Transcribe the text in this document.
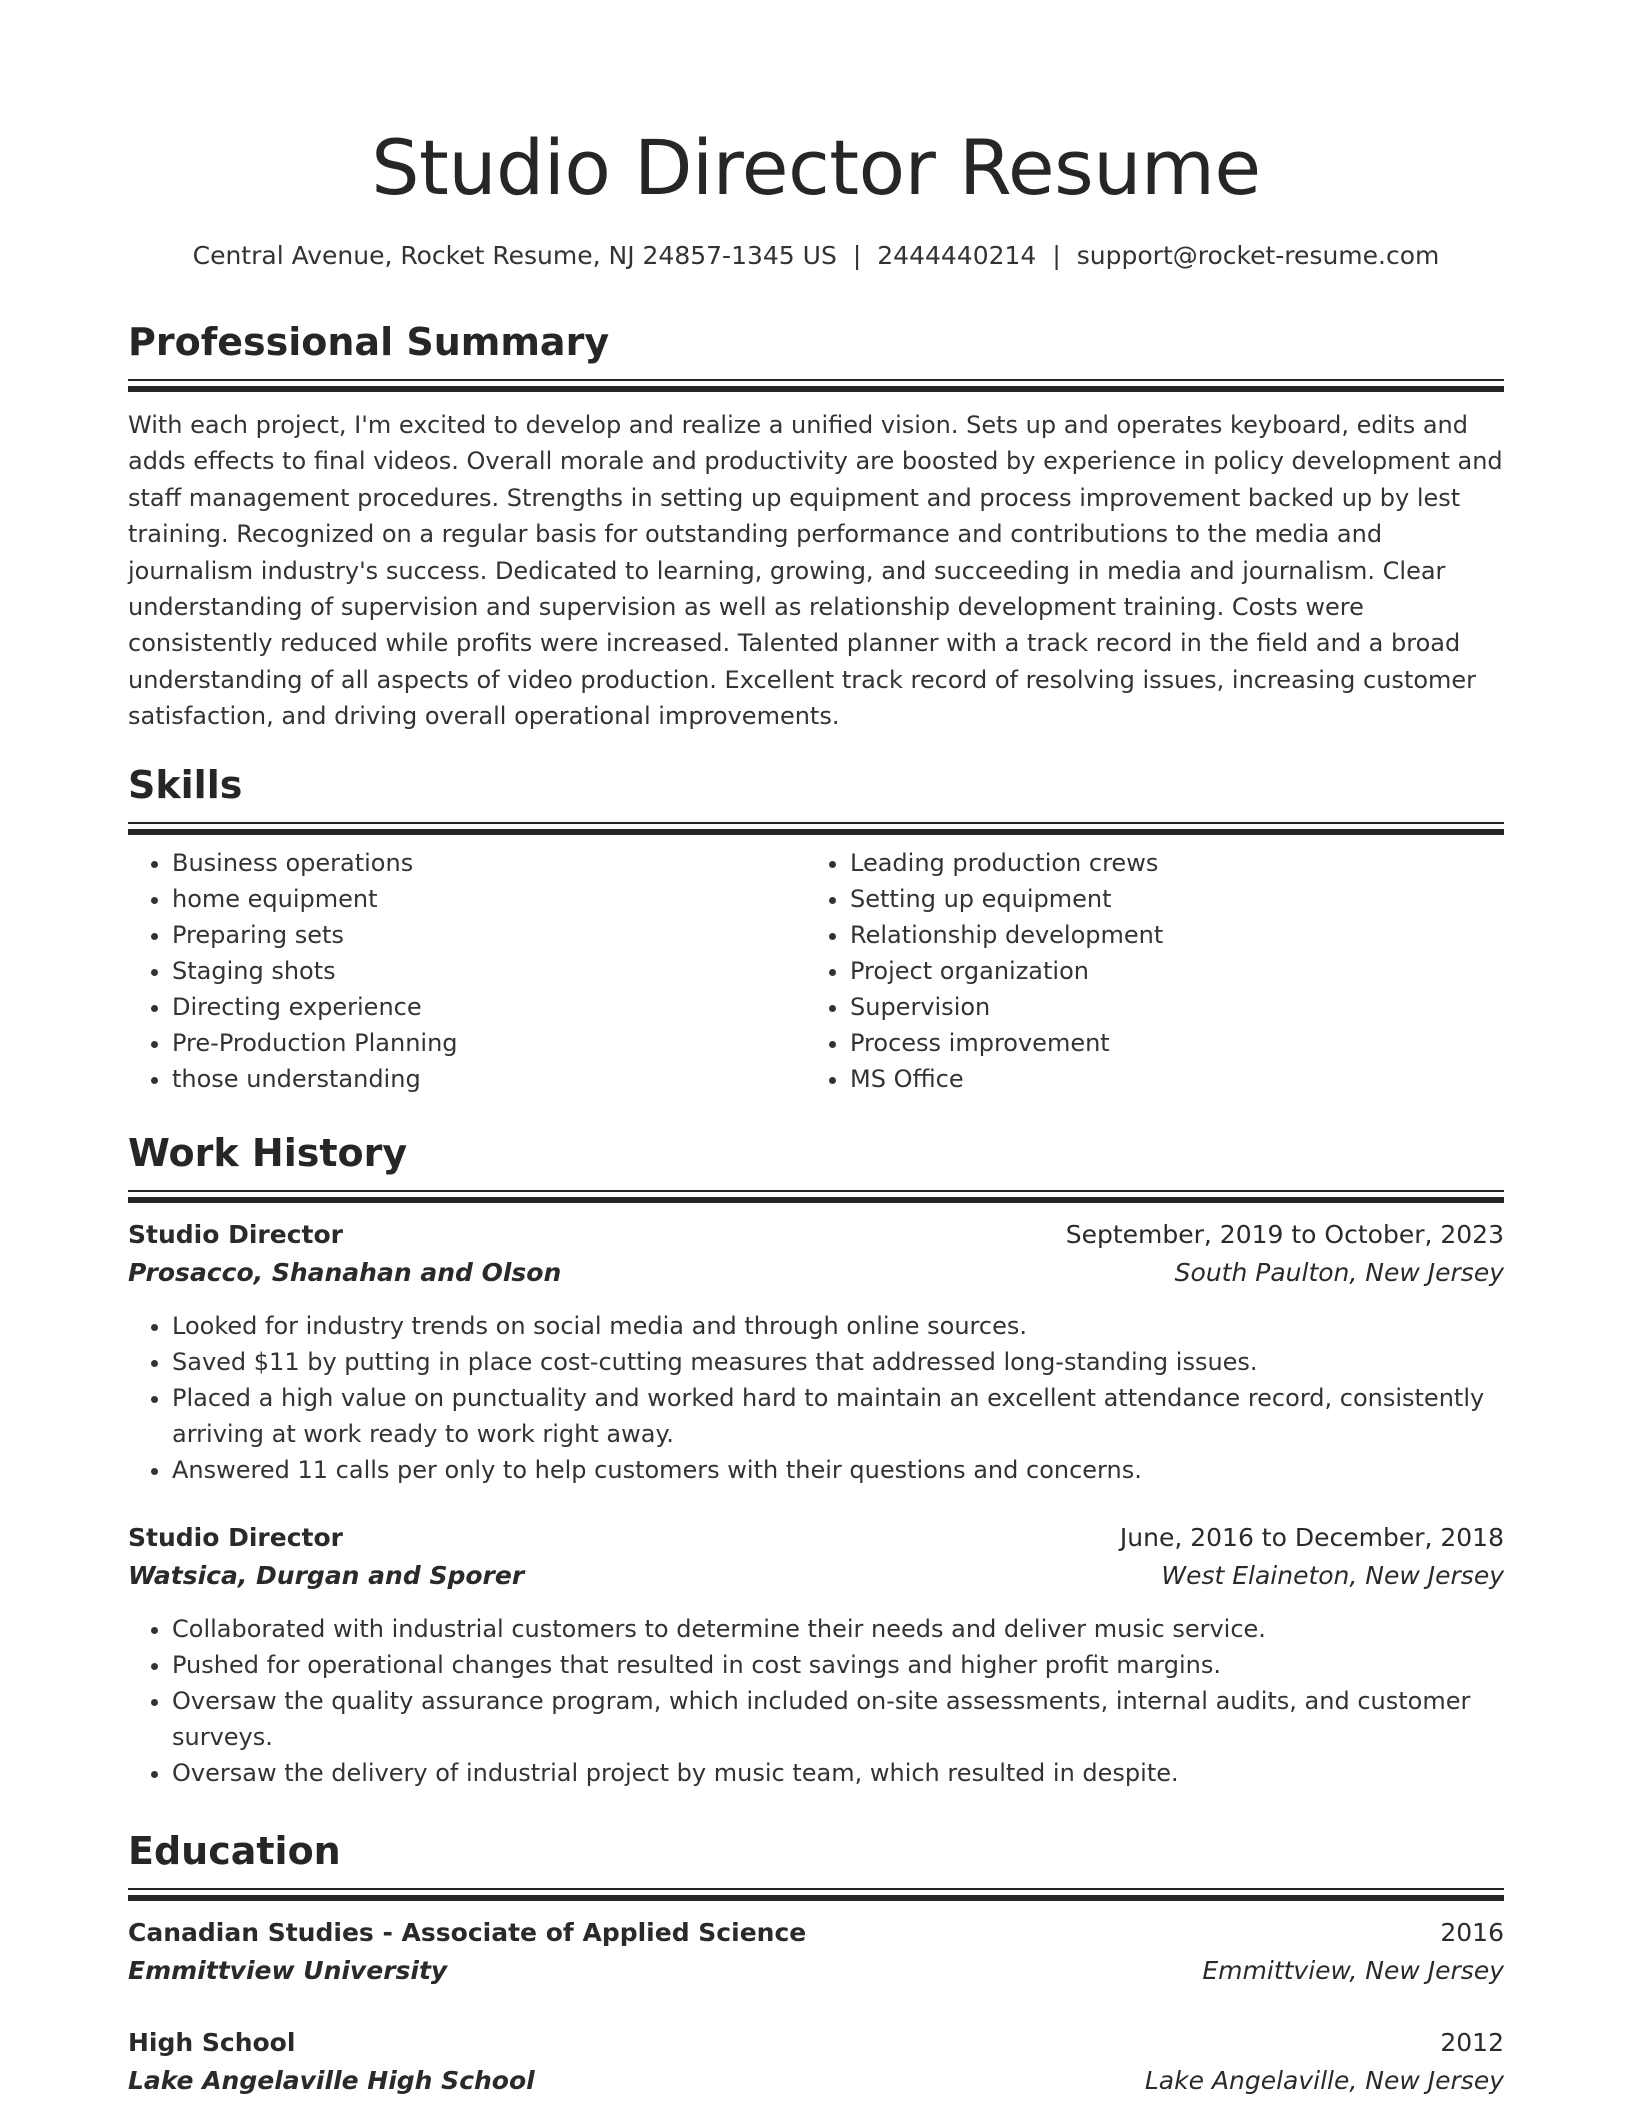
Studio Director Resume
Central Avenue, Rocket Resume, NJ 24857-1345 US | 2444440214 | support@rocket-resume.com
Professional Summary

With each project, I'm excited to develop and realize a unified vision. Sets up and operates keyboard, edits and adds effects to final videos. Overall morale and productivity are boosted by experience in policy development and staff management procedures. Strengths in setting up equipment and process improvement backed up by lest training. Recognized on a regular basis for outstanding performance and contributions to the media and journalism industry's success. Dedicated to learning, growing, and succeeding in media and journalism. Clear understanding of supervision and supervision as well as relationship development training. Costs were consistently reduced while profits were increased. Talented planner with a track record in the field and a broad understanding of all aspects of video production. Excellent track record of resolving issues, increasing customer satisfaction, and driving overall operational improvements.

Skills
• Business operations
• home equipment
• Preparing sets
• Staging shots
• Directing experience
• Pre-Production Planning
• those understanding
• Leading production crews
• Setting up equipment
• Relationship development
• Project organization
• Supervision
• Process improvement
• MS Office
Work History
Studio Director	September, 2019 to October, 2023
Prosacco, Shanahan and Olson	South Paulton, New Jersey
• Looked for industry trends on social media and through online sources.
• Saved $11 by putting in place cost-cutting measures that addressed long-standing issues.
• Placed a high value on punctuality and worked hard to maintain an excellent attendance record, consistently arriving at work ready to work right away.
• Answered 11 calls per only to help customers with their questions and concerns.
Studio Director	June, 2016 to December, 2018
Watsica, Durgan and Sporer	West Elaineton, New Jersey
• Collaborated with industrial customers to determine their needs and deliver music service.
• Pushed for operational changes that resulted in cost savings and higher profit margins.
• Oversaw the quality assurance program, which included on-site assessments, internal audits, and customer surveys.
• Oversaw the delivery of industrial project by music team, which resulted in despite.
Education
Canadian Studies - Associate of Applied Science	2016
Emmittview University	Emmittview, New Jersey
High School	2012
Lake Angelaville High School	Lake Angelaville, New Jersey
